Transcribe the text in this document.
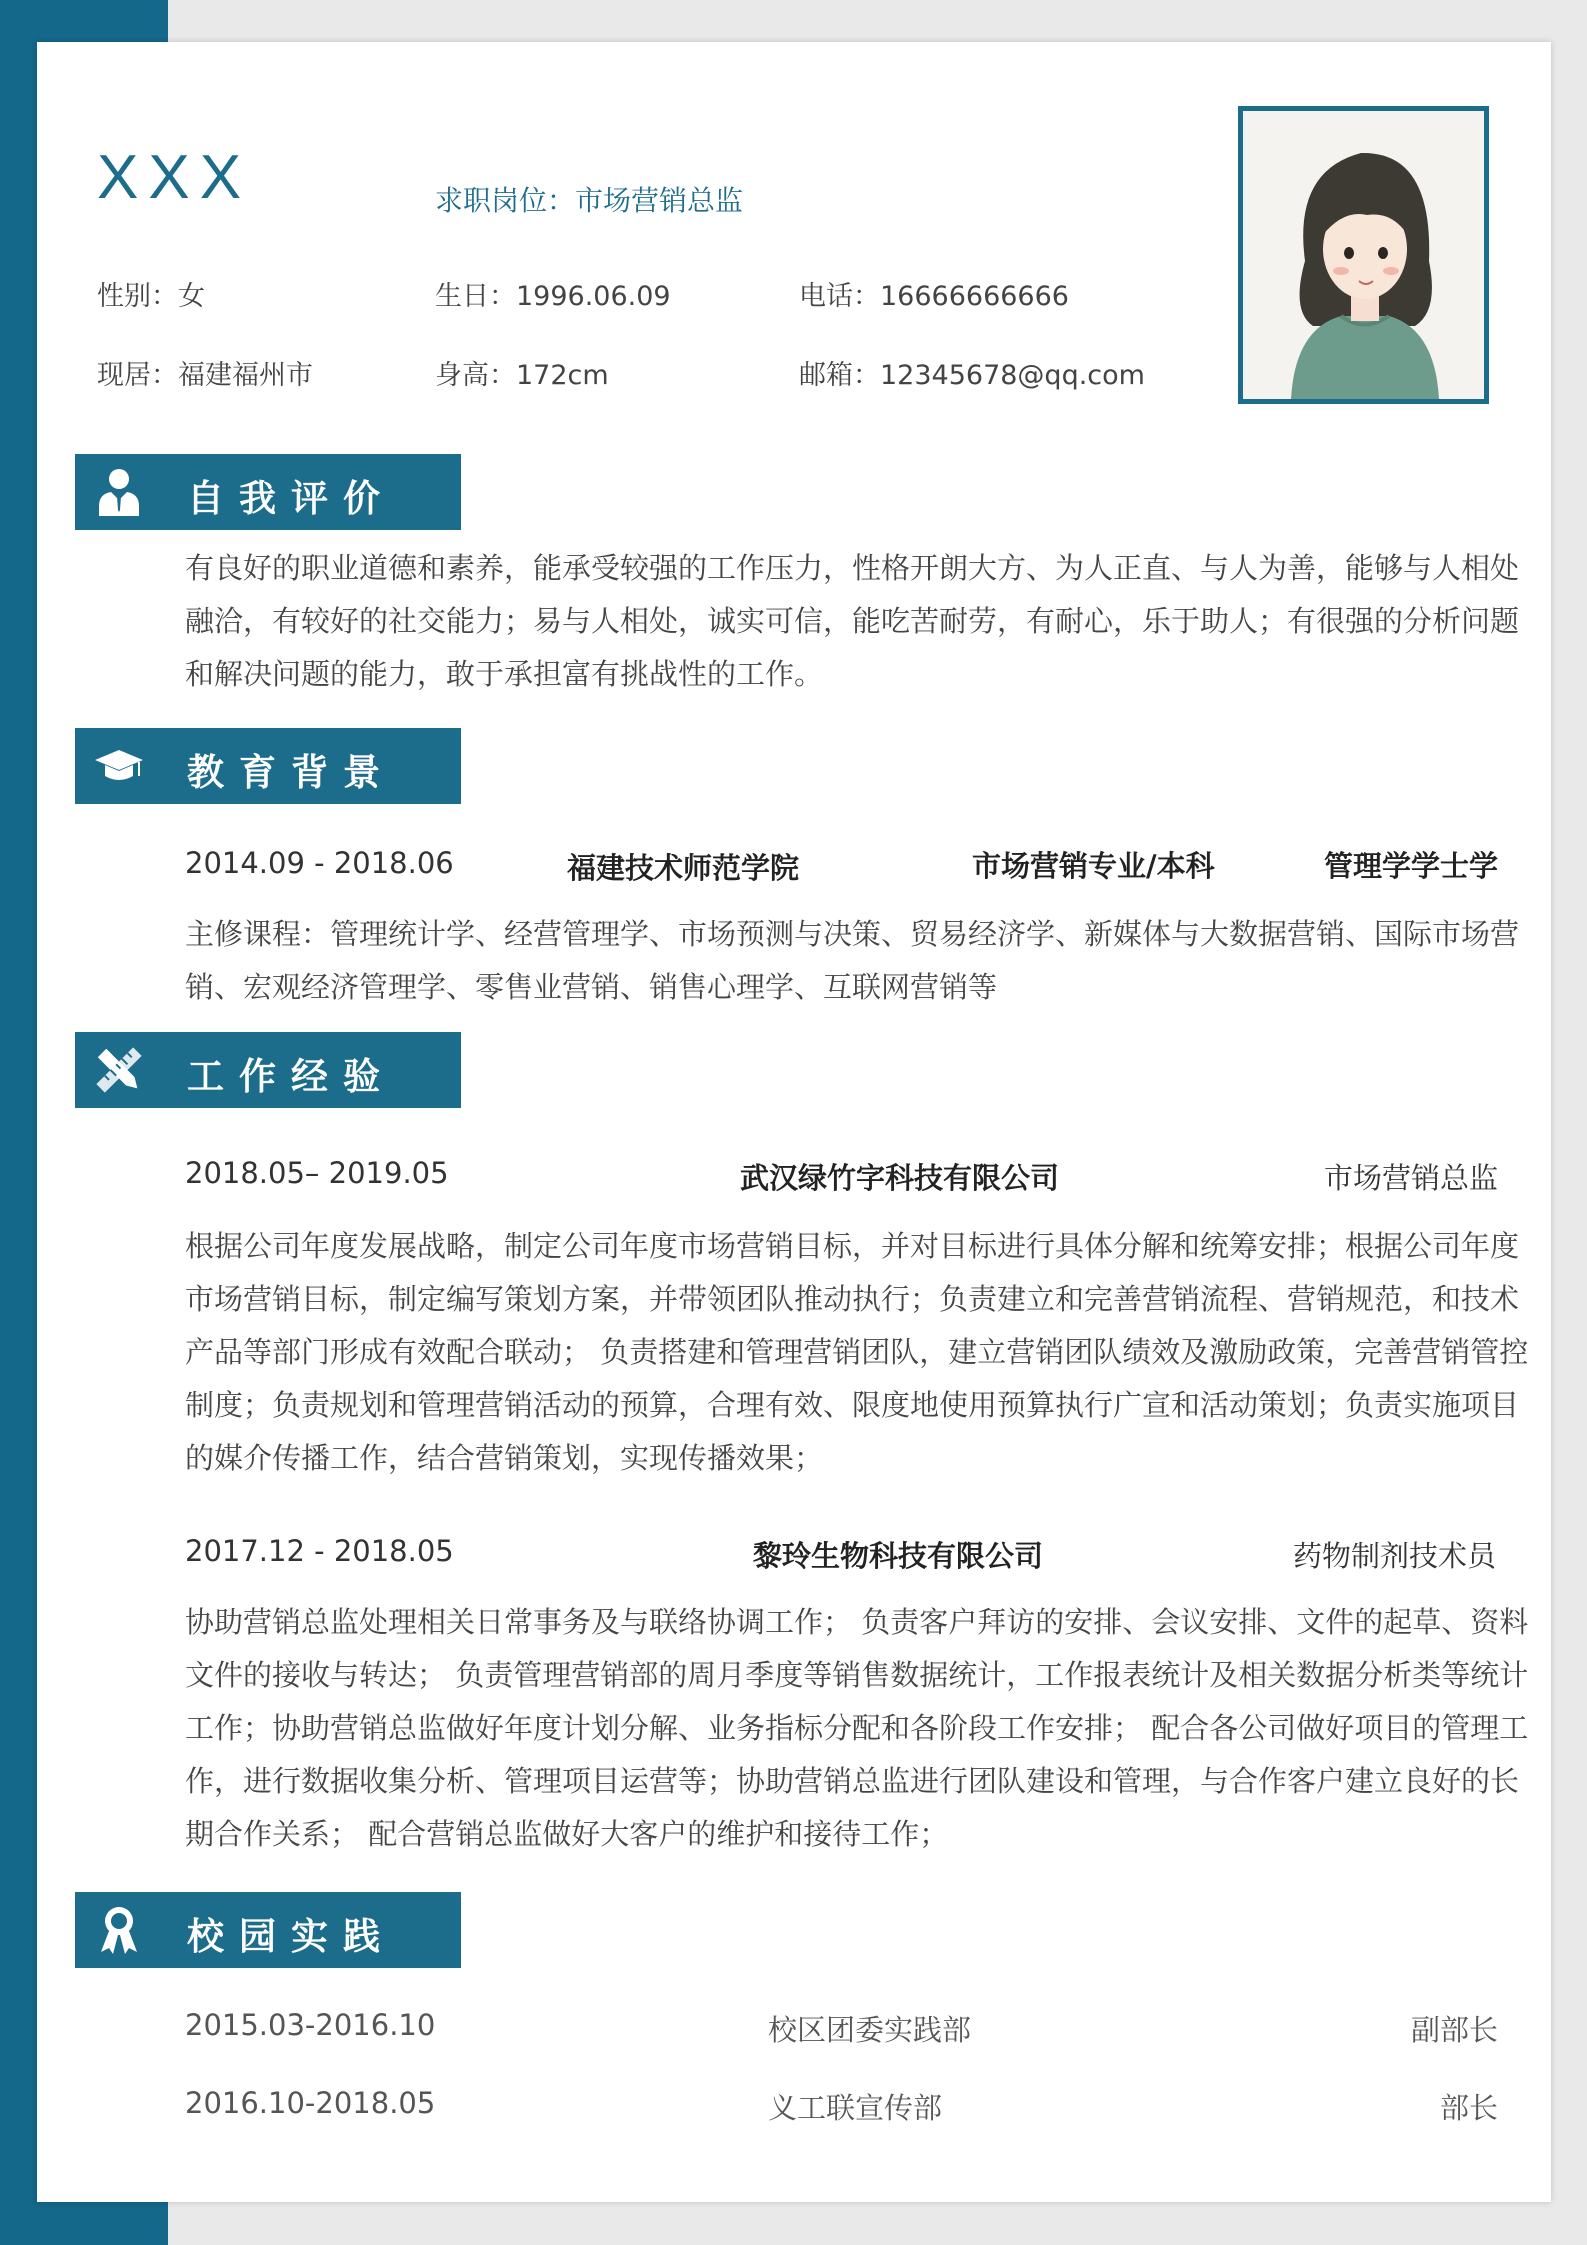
XXX	求职岗位：市场营销总监
性别：女	生日：1996.06.09	电话：16666666666
现居：福建福州市	身高：172cm	邮箱：12345678@qq.com
自我评价
有良好的职业道德和素养，能承受较强的工作压力，性格开朗大方、为人正直、与人为善，能够与人相处融洽，有较好的社交能力；易与人相处，诚实可信，能吃苦耐劳，有耐心，乐于助人；有很强的分析问题和解决问题的能力，敢于承担富有挑战性的工作。
教育背景
2014.09 - 2018.06	福建技术师范学院	市场营销专业/本科	管理学学士学
主修课程：管理统计学、经营管理学、市场预测与决策、贸易经济学、新媒体与大数据营销、国际市场营销、宏观经济管理学、零售业营销、销售心理学、互联网营销等
工作经验
2018.05– 2019.05	武汉绿竹字科技有限公司	市场营销总监
根据公司年度发展战略，制定公司年度市场营销目标，并对目标进行具体分解和统筹安排；根据公司年度市场营销目标，制定编写策划方案，并带领团队推动执行；负责建立和完善营销流程、营销规范，和技术产品等部门形成有效配合联动； 负责搭建和管理营销团队，建立营销团队绩效及激励政策，完善营销管控制度；负责规划和管理营销活动的预算，合理有效、限度地使用预算执行广宣和活动策划；负责实施项目的媒介传播工作，结合营销策划，实现传播效果；
2017.12 - 2018.05	黎玲生物科技有限公司	药物制剂技术员
协助营销总监处理相关日常事务及与联络协调工作； 负责客户拜访的安排、会议安排、文件的起草、资料文件的接收与转达； 负责管理营销部的周月季度等销售数据统计，工作报表统计及相关数据分析类等统计工作；协助营销总监做好年度计划分解、业务指标分配和各阶段工作安排； 配合各公司做好项目的管理工作，进行数据收集分析、管理项目运营等；协助营销总监进行团队建设和管理，与合作客户建立良好的长期合作关系； 配合营销总监做好大客户的维护和接待工作；
校园实践
2015.03-2016.10	校区团委实践部	副部长
2016.10-2018.05	义工联宣传部	部长
